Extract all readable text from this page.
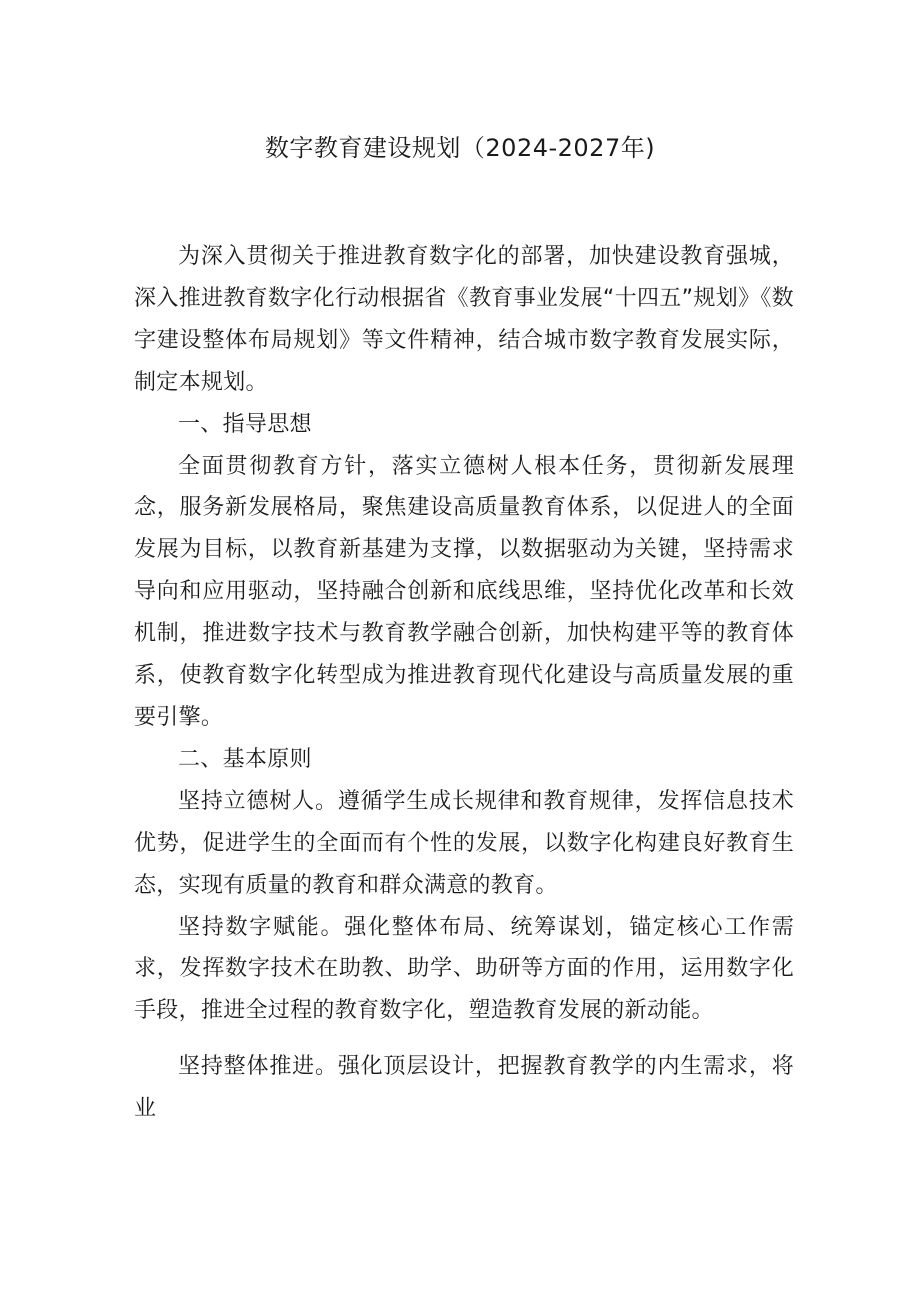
数字教育建设规划（2024-2027年)

为深入贯彻关于推进教育数字化的部署，加快建设教育强城，深入推进教育数字化行动根据省《教育事业发展“十四五”规划》《数字建设整体布局规划》等文件精神，结合城市数字教育发展实际，制定本规划。

一、指导思想

全面贯彻教育方针，落实立德树人根本任务，贯彻新发展理念，服务新发展格局，聚焦建设高质量教育体系，以促进人的全面发展为目标，以教育新基建为支撑，以数据驱动为关键，坚持需求导向和应用驱动，坚持融合创新和底线思维，坚持优化改革和长效机制，推进数字技术与教育教学融合创新，加快构建平等的教育体系，使教育数字化转型成为推进教育现代化建设与高质量发展的重要引擎。

二、基本原则

坚持立德树人。遵循学生成长规律和教育规律，发挥信息技术优势，促进学生的全面而有个性的发展，以数字化构建良好教育生态，实现有质量的教育和群众满意的教育。

坚持数字赋能。强化整体布局、统筹谋划，锚定核心工作需求，发挥数字技术在助教、助学、助研等方面的作用，运用数字化手段，推进全过程的教育数字化，塑造教育发展的新动能。

坚持整体推进。强化顶层设计，把握教育教学的内生需求，将业
